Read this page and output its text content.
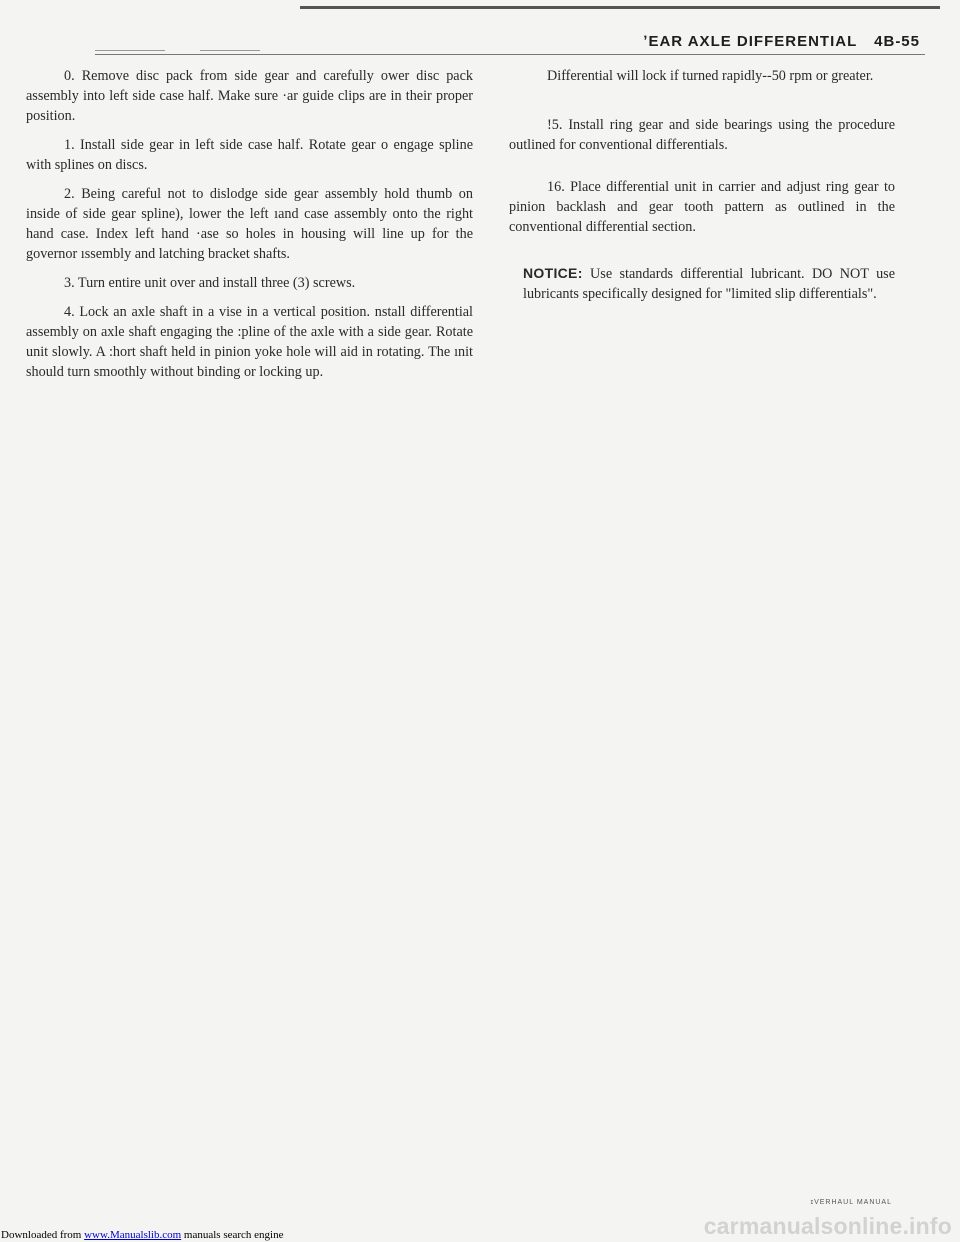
ʼEAR AXLE DIFFERENTIAL 4B-55

0. Remove disc pack from side gear and carefully ower disc pack assembly into left side case half. Make sure ·ar guide clips are in their proper position.

1. Install side gear in left side case half. Rotate gear o engage spline with splines on discs.

2. Being careful not to dislodge side gear assembly hold thumb on inside of side gear spline), lower the left ıand case assembly onto the right hand case. Index left hand ·ase so holes in housing will line up for the governor ıssembly and latching bracket shafts.

3. Turn entire unit over and install three (3) screws.

4. Lock an axle shaft in a vise in a vertical position. nstall differential assembly on axle shaft engaging the :pline of the axle with a side gear. Rotate unit slowly. A :hort shaft held in pinion yoke hole will aid in rotating. The ınit should turn smoothly without binding or locking up.

Differential will lock if turned rapidly--50 rpm or greater.

!5. Install ring gear and side bearings using the procedure outlined for conventional differentials.

16. Place differential unit in carrier and adjust ring gear to pinion backlash and gear tooth pattern as outlined in the conventional differential section.

NOTICE: Use standards differential lubricant. DO NOT use lubricants specifically designed for "limited slip differentials".

ɪVERHAUL MANUAL
Downloaded from www.Manualslib.com manuals search engine	carmanualsonline.info
